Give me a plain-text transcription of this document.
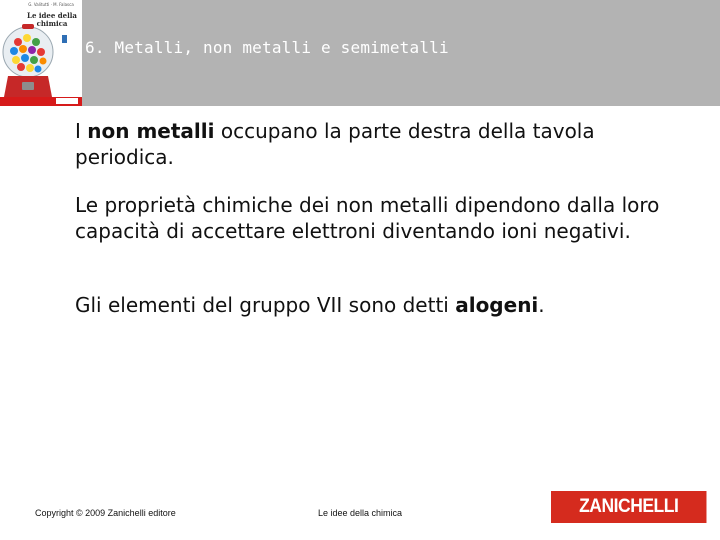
G. Valitutti · M. Falasca
Le idee della chimica
6. Metalli, non metalli e semimetalli
I non metalli occupano la parte destra della tavola periodica.
Le proprietà chimiche dei non metalli dipendono dalla loro capacità di accettare elettroni diventando ioni negativi.
Gli elementi del gruppo VII sono detti alogeni.
Copyright © 2009 Zanichelli editore	Le idee della chimica	ZANICHELLI
